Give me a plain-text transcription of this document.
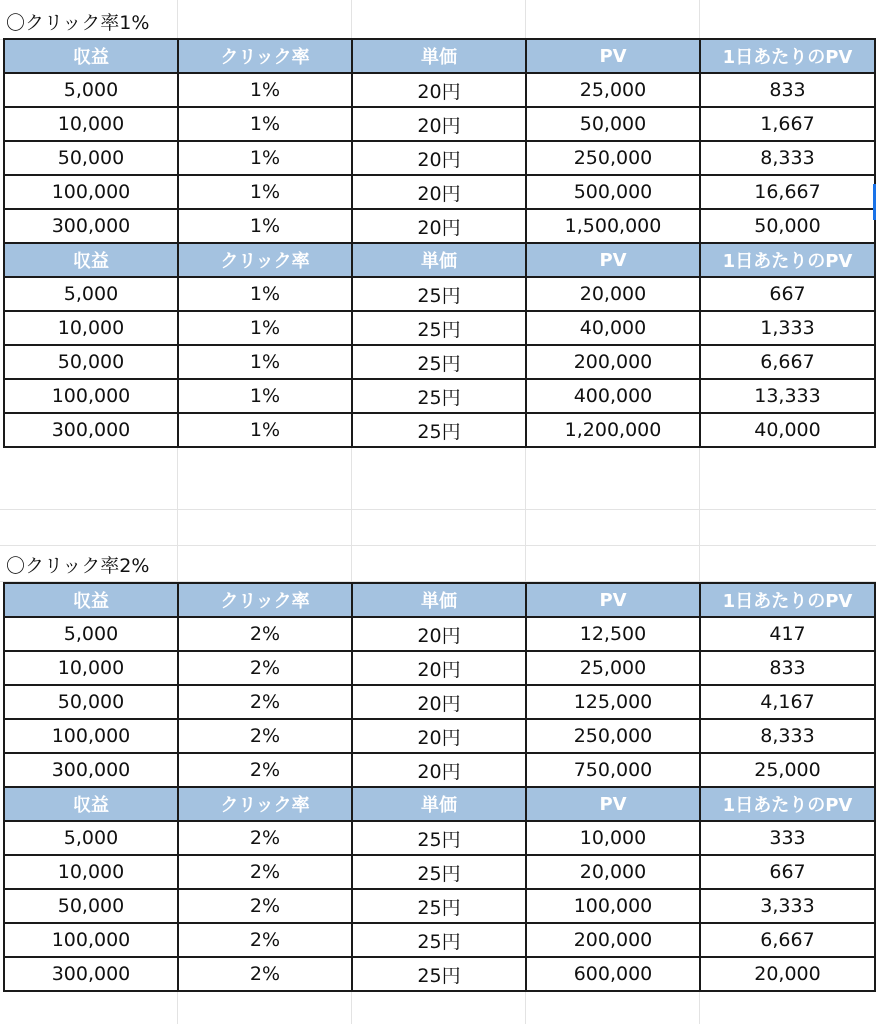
〇クリック率1%
収益	クリック率	単価	PV	1日あたりのPV
5,000	1%	20円	25,000	833
10,000	1%	20円	50,000	1,667
50,000	1%	20円	250,000	8,333
100,000	1%	20円	500,000	16,667
300,000	1%	20円	1,500,000	50,000
収益	クリック率	単価	PV	1日あたりのPV
5,000	1%	25円	20,000	667
10,000	1%	25円	40,000	1,333
50,000	1%	25円	200,000	6,667
100,000	1%	25円	400,000	13,333
300,000	1%	25円	1,200,000	40,000
〇クリック率2%
収益	クリック率	単価	PV	1日あたりのPV
5,000	2%	20円	12,500	417
10,000	2%	20円	25,000	833
50,000	2%	20円	125,000	4,167
100,000	2%	20円	250,000	8,333
300,000	2%	20円	750,000	25,000
収益	クリック率	単価	PV	1日あたりのPV
5,000	2%	25円	10,000	333
10,000	2%	25円	20,000	667
50,000	2%	25円	100,000	3,333
100,000	2%	25円	200,000	6,667
300,000	2%	25円	600,000	20,000
